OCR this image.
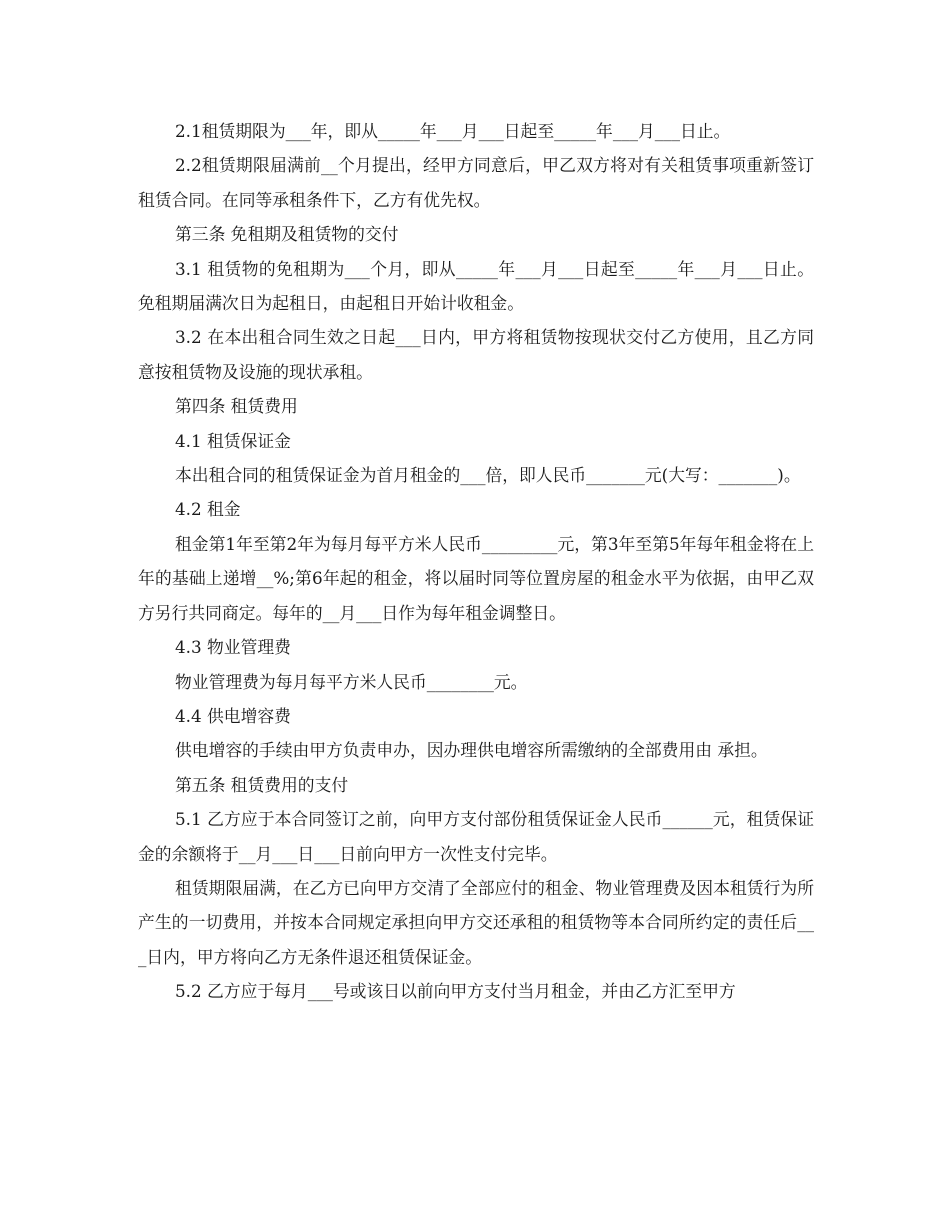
2.1租赁期限为___年，即从_____年___月___日起至_____年___月___日止。

2.2租赁期限届满前__个月提出，经甲方同意后，甲乙双方将对有关租赁事项重新签订租赁合同。在同等承租条件下，乙方有优先权。

第三条 免租期及租赁物的交付

3.1 租赁物的免租期为___个月，即从_____年___月___日起至_____年___月___日止。免租期届满次日为起租日，由起租日开始计收租金。

3.2 在本出租合同生效之日起___日内，甲方将租赁物按现状交付乙方使用，且乙方同意按租赁物及设施的现状承租。

第四条 租赁费用

4.1 租赁保证金

本出租合同的租赁保证金为首月租金的___倍，即人民币_______元(大写：_______)。

4.2 租金

租金第1年至第2年为每月每平方米人民币_________元，第3年至第5年每年租金将在上年的基础上递增__%;第6年起的租金，将以届时同等位置房屋的租金水平为依据，由甲乙双方另行共同商定。每年的__月___日作为每年租金调整日。

4.3 物业管理费

物业管理费为每月每平方米人民币________元。

4.4 供电增容费

供电增容的手续由甲方负责申办，因办理供电增容所需缴纳的全部费用由 承担。

第五条 租赁费用的支付

5.1 乙方应于本合同签订之前，向甲方支付部份租赁保证金人民币______元，租赁保证金的余额将于__月___日___日前向甲方一次性支付完毕。

租赁期限届满，在乙方已向甲方交清了全部应付的租金、物业管理费及因本租赁行为所产生的一切费用，并按本合同规定承担向甲方交还承租的租赁物等本合同所约定的责任后___日内，甲方将向乙方无条件退还租赁保证金。

5.2 乙方应于每月___号或该日以前向甲方支付当月租金，并由乙方汇至甲方
